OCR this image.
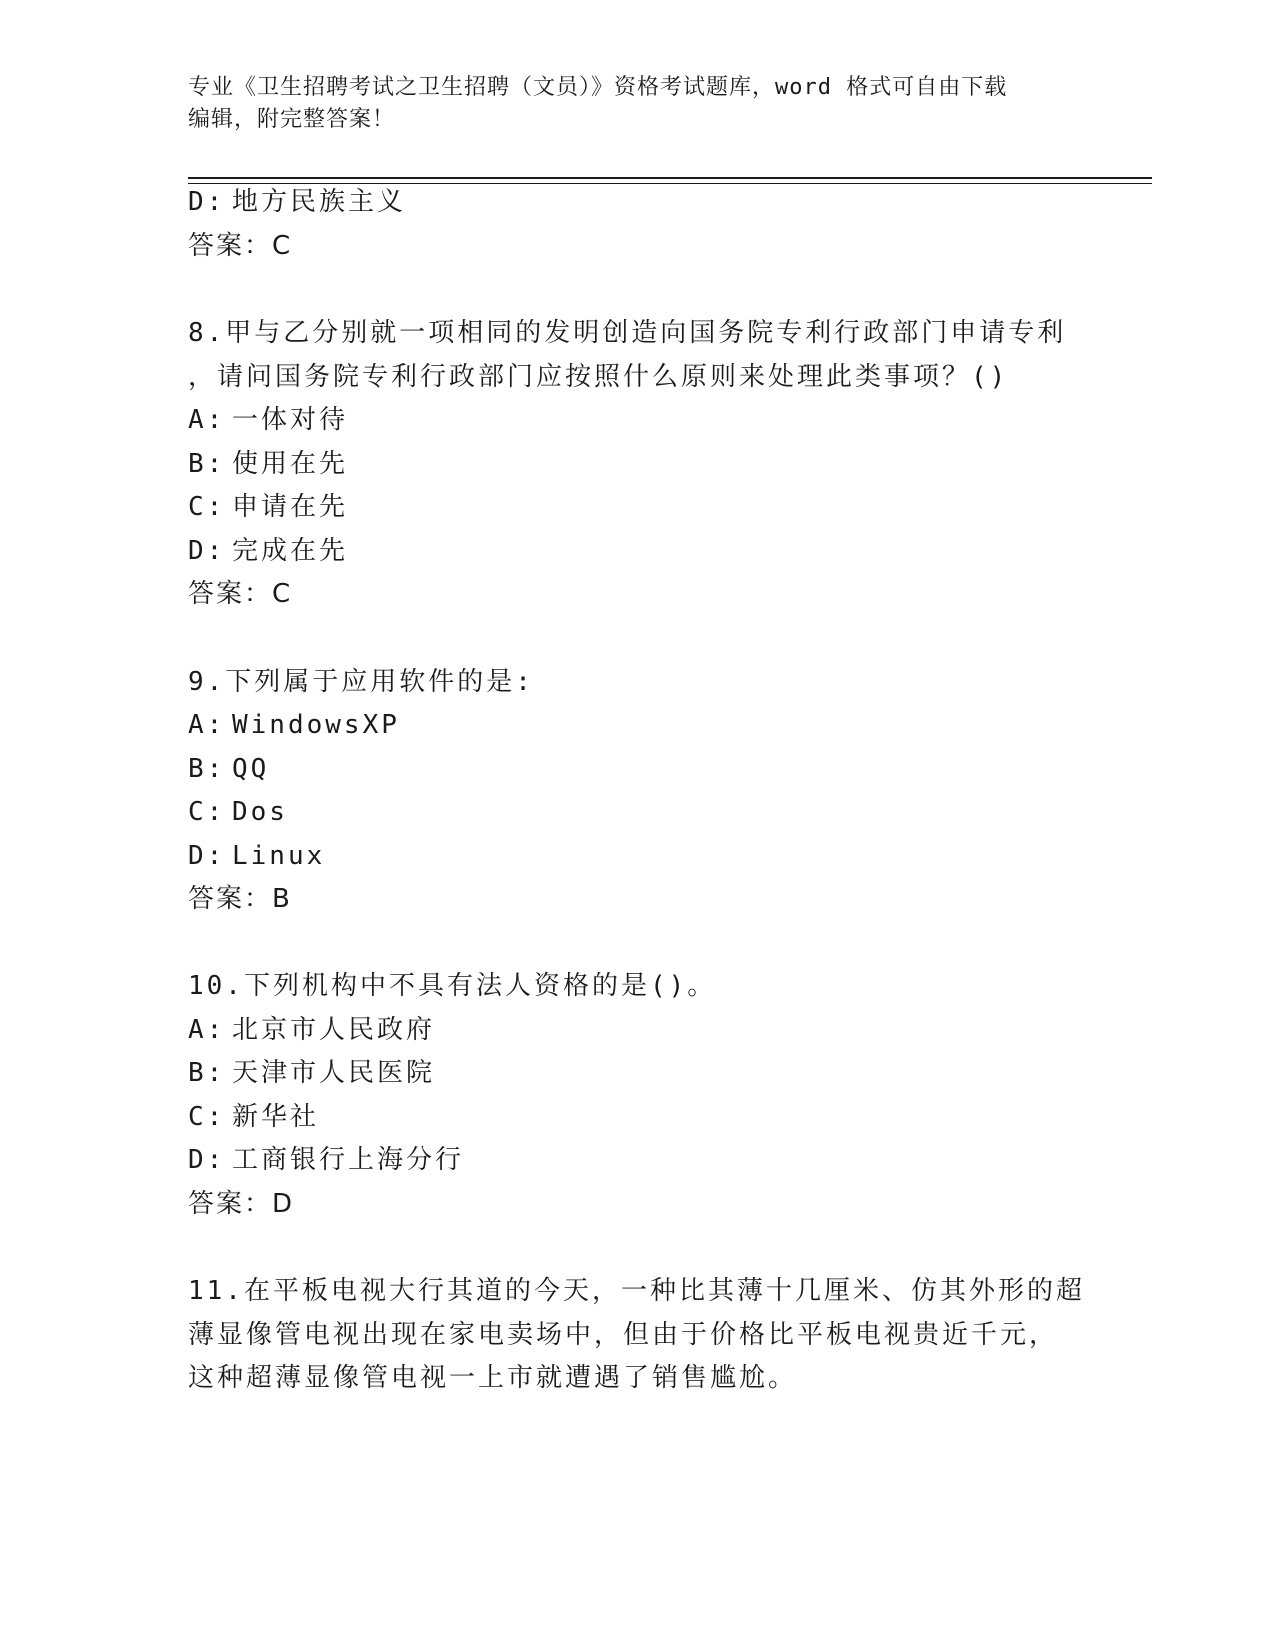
专业《卫生招聘考试之卫生招聘（文员）》资格考试题库，word 格式可自由下载
编辑，附完整答案！
D: 地方民族主义
答案：C
8.甲与乙分别就一项相同的发明创造向国务院专利行政部门申请专利
，请问国务院专利行政部门应按照什么原则来处理此类事项？()
A: 一体对待
B: 使用在先
C: 申请在先
D: 完成在先
答案：C
9.下列属于应用软件的是:
A: WindowsXP
B: QQ
C: Dos
D: Linux
答案：B
10.下列机构中不具有法人资格的是()。
A: 北京市人民政府
B: 天津市人民医院
C: 新华社
D: 工商银行上海分行
答案：D
11.在平板电视大行其道的今天，一种比其薄十几厘米、仿其外形的超
薄显像管电视出现在家电卖场中，但由于价格比平板电视贵近千元，
这种超薄显像管电视一上市就遭遇了销售尴尬。
